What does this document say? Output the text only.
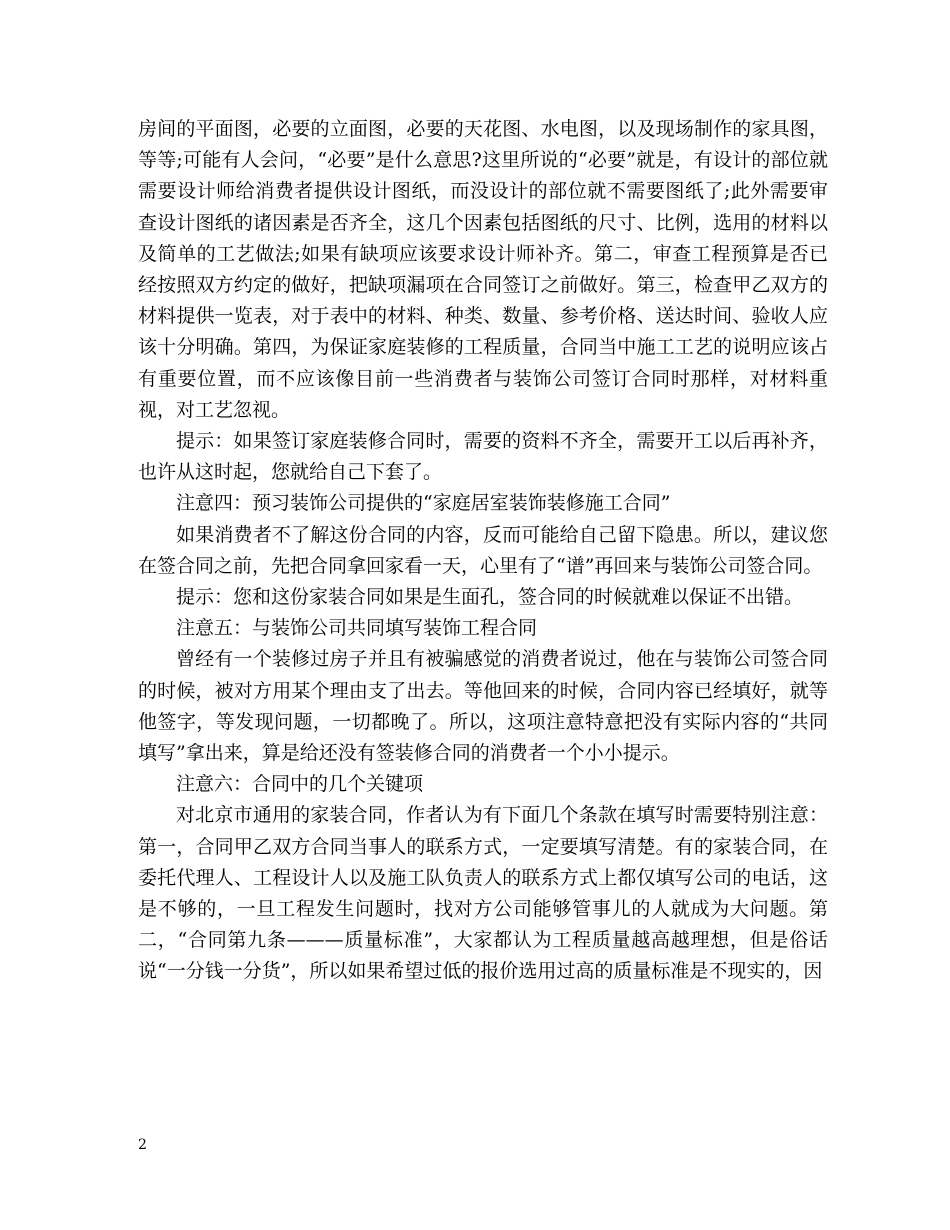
房间的平面图，必要的立面图，必要的天花图、水电图，以及现场制作的家具图，等等;可能有人会问，“必要”是什么意思?这里所说的“必要”就是，有设计的部位就需要设计师给消费者提供设计图纸，而没设计的部位就不需要图纸了;此外需要审查设计图纸的诸因素是否齐全，这几个因素包括图纸的尺寸、比例，选用的材料以及简单的工艺做法;如果有缺项应该要求设计师补齐。第二，审查工程预算是否已经按照双方约定的做好，把缺项漏项在合同签订之前做好。第三，检查甲乙双方的材料提供一览表，对于表中的材料、种类、数量、参考价格、送达时间、验收人应该十分明确。第四，为保证家庭装修的工程质量，合同当中施工工艺的说明应该占有重要位置，而不应该像目前一些消费者与装饰公司签订合同时那样，对材料重视，对工艺忽视。

提示：如果签订家庭装修合同时，需要的资料不齐全，需要开工以后再补齐，也许从这时起，您就给自己下套了。

注意四：预习装饰公司提供的“家庭居室装饰装修施工合同”

如果消费者不了解这份合同的内容，反而可能给自己留下隐患。所以，建议您在签合同之前，先把合同拿回家看一天，心里有了“谱”再回来与装饰公司签合同。

提示：您和这份家装合同如果是生面孔，签合同的时候就难以保证不出错。

注意五：与装饰公司共同填写装饰工程合同

曾经有一个装修过房子并且有被骗感觉的消费者说过，他在与装饰公司签合同的时候，被对方用某个理由支了出去。等他回来的时候，合同内容已经填好，就等他签字，等发现问题，一切都晚了。所以，这项注意特意把没有实际内容的“共同填写”拿出来，算是给还没有签装修合同的消费者一个小小提示。

注意六：合同中的几个关键项

对北京市通用的家装合同，作者认为有下面几个条款在填写时需要特别注意：第一，合同甲乙双方合同当事人的联系方式，一定要填写清楚。有的家装合同，在委托代理人、工程设计人以及施工队负责人的联系方式上都仅填写公司的电话，这是不够的，一旦工程发生问题时，找对方公司能够管事儿的人就成为大问题。第二，“合同第九条———质量标准”，大家都认为工程质量越高越理想，但是俗话说“一分钱一分货”，所以如果希望过低的报价选用过高的质量标准是不现实的，因

2
